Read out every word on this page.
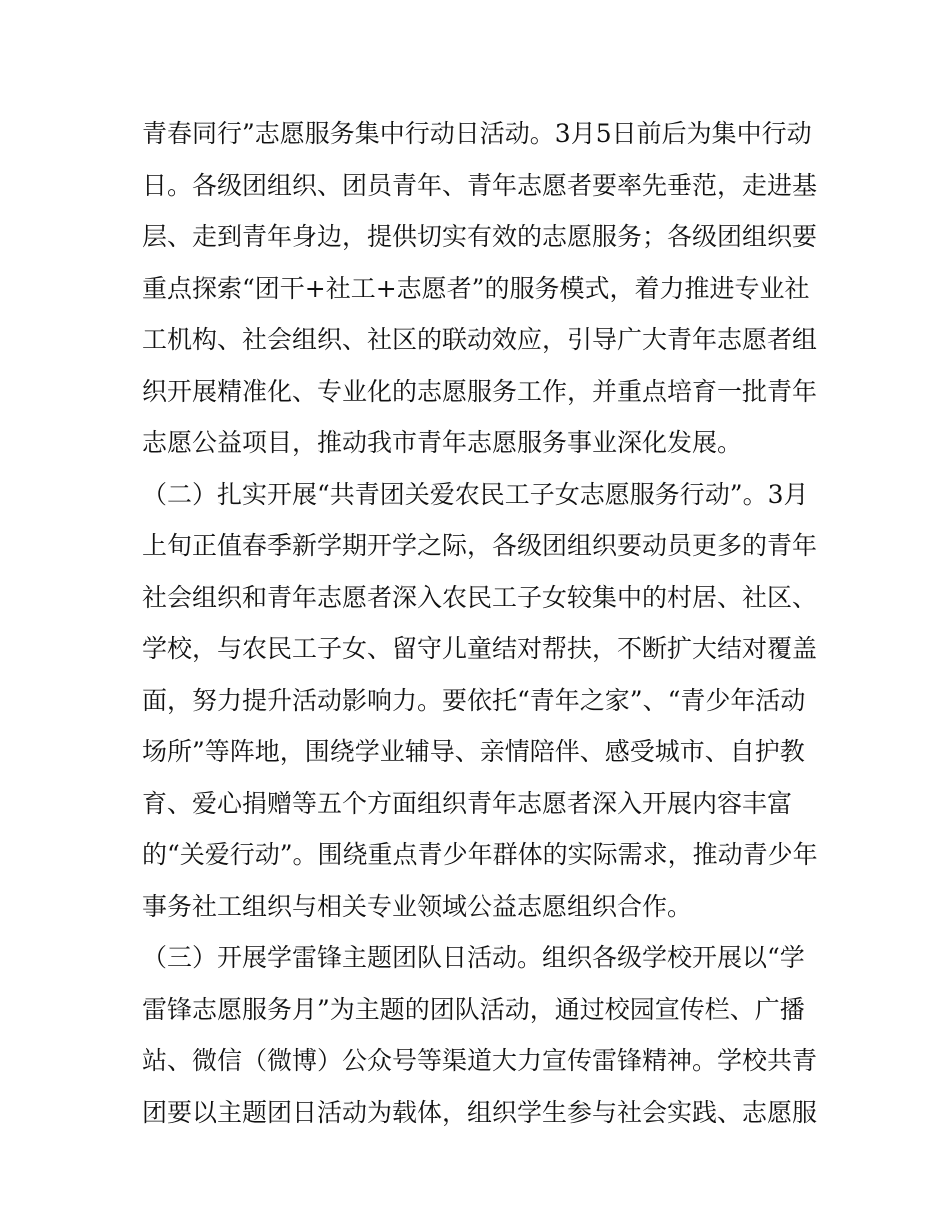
青春同行”志愿服务集中行动日活动。3月5日前后为集中行动

日。各级团组织、团员青年、青年志愿者要率先垂范，走进基

层、走到青年身边，提供切实有效的志愿服务；各级团组织要

重点探索“团干+社工+志愿者”的服务模式，着力推进专业社

工机构、社会组织、社区的联动效应，引导广大青年志愿者组

织开展精准化、专业化的志愿服务工作，并重点培育一批青年

志愿公益项目，推动我市青年志愿服务事业深化发展。

（二）扎实开展“共青团关爱农民工子女志愿服务行动”。3月

上旬正值春季新学期开学之际，各级团组织要动员更多的青年

社会组织和青年志愿者深入农民工子女较集中的村居、社区、

学校，与农民工子女、留守儿童结对帮扶，不断扩大结对覆盖

面，努力提升活动影响力。要依托“青年之家”、“青少年活动

场所”等阵地，围绕学业辅导、亲情陪伴、感受城市、自护教

育、爱心捐赠等五个方面组织青年志愿者深入开展内容丰富

的“关爱行动”。围绕重点青少年群体的实际需求，推动青少年

事务社工组织与相关专业领域公益志愿组织合作。

（三）开展学雷锋主题团队日活动。组织各级学校开展以“学

雷锋志愿服务月”为主题的团队活动，通过校园宣传栏、广播

站、微信（微博）公众号等渠道大力宣传雷锋精神。学校共青

团要以主题团日活动为载体，组织学生参与社会实践、志愿服
